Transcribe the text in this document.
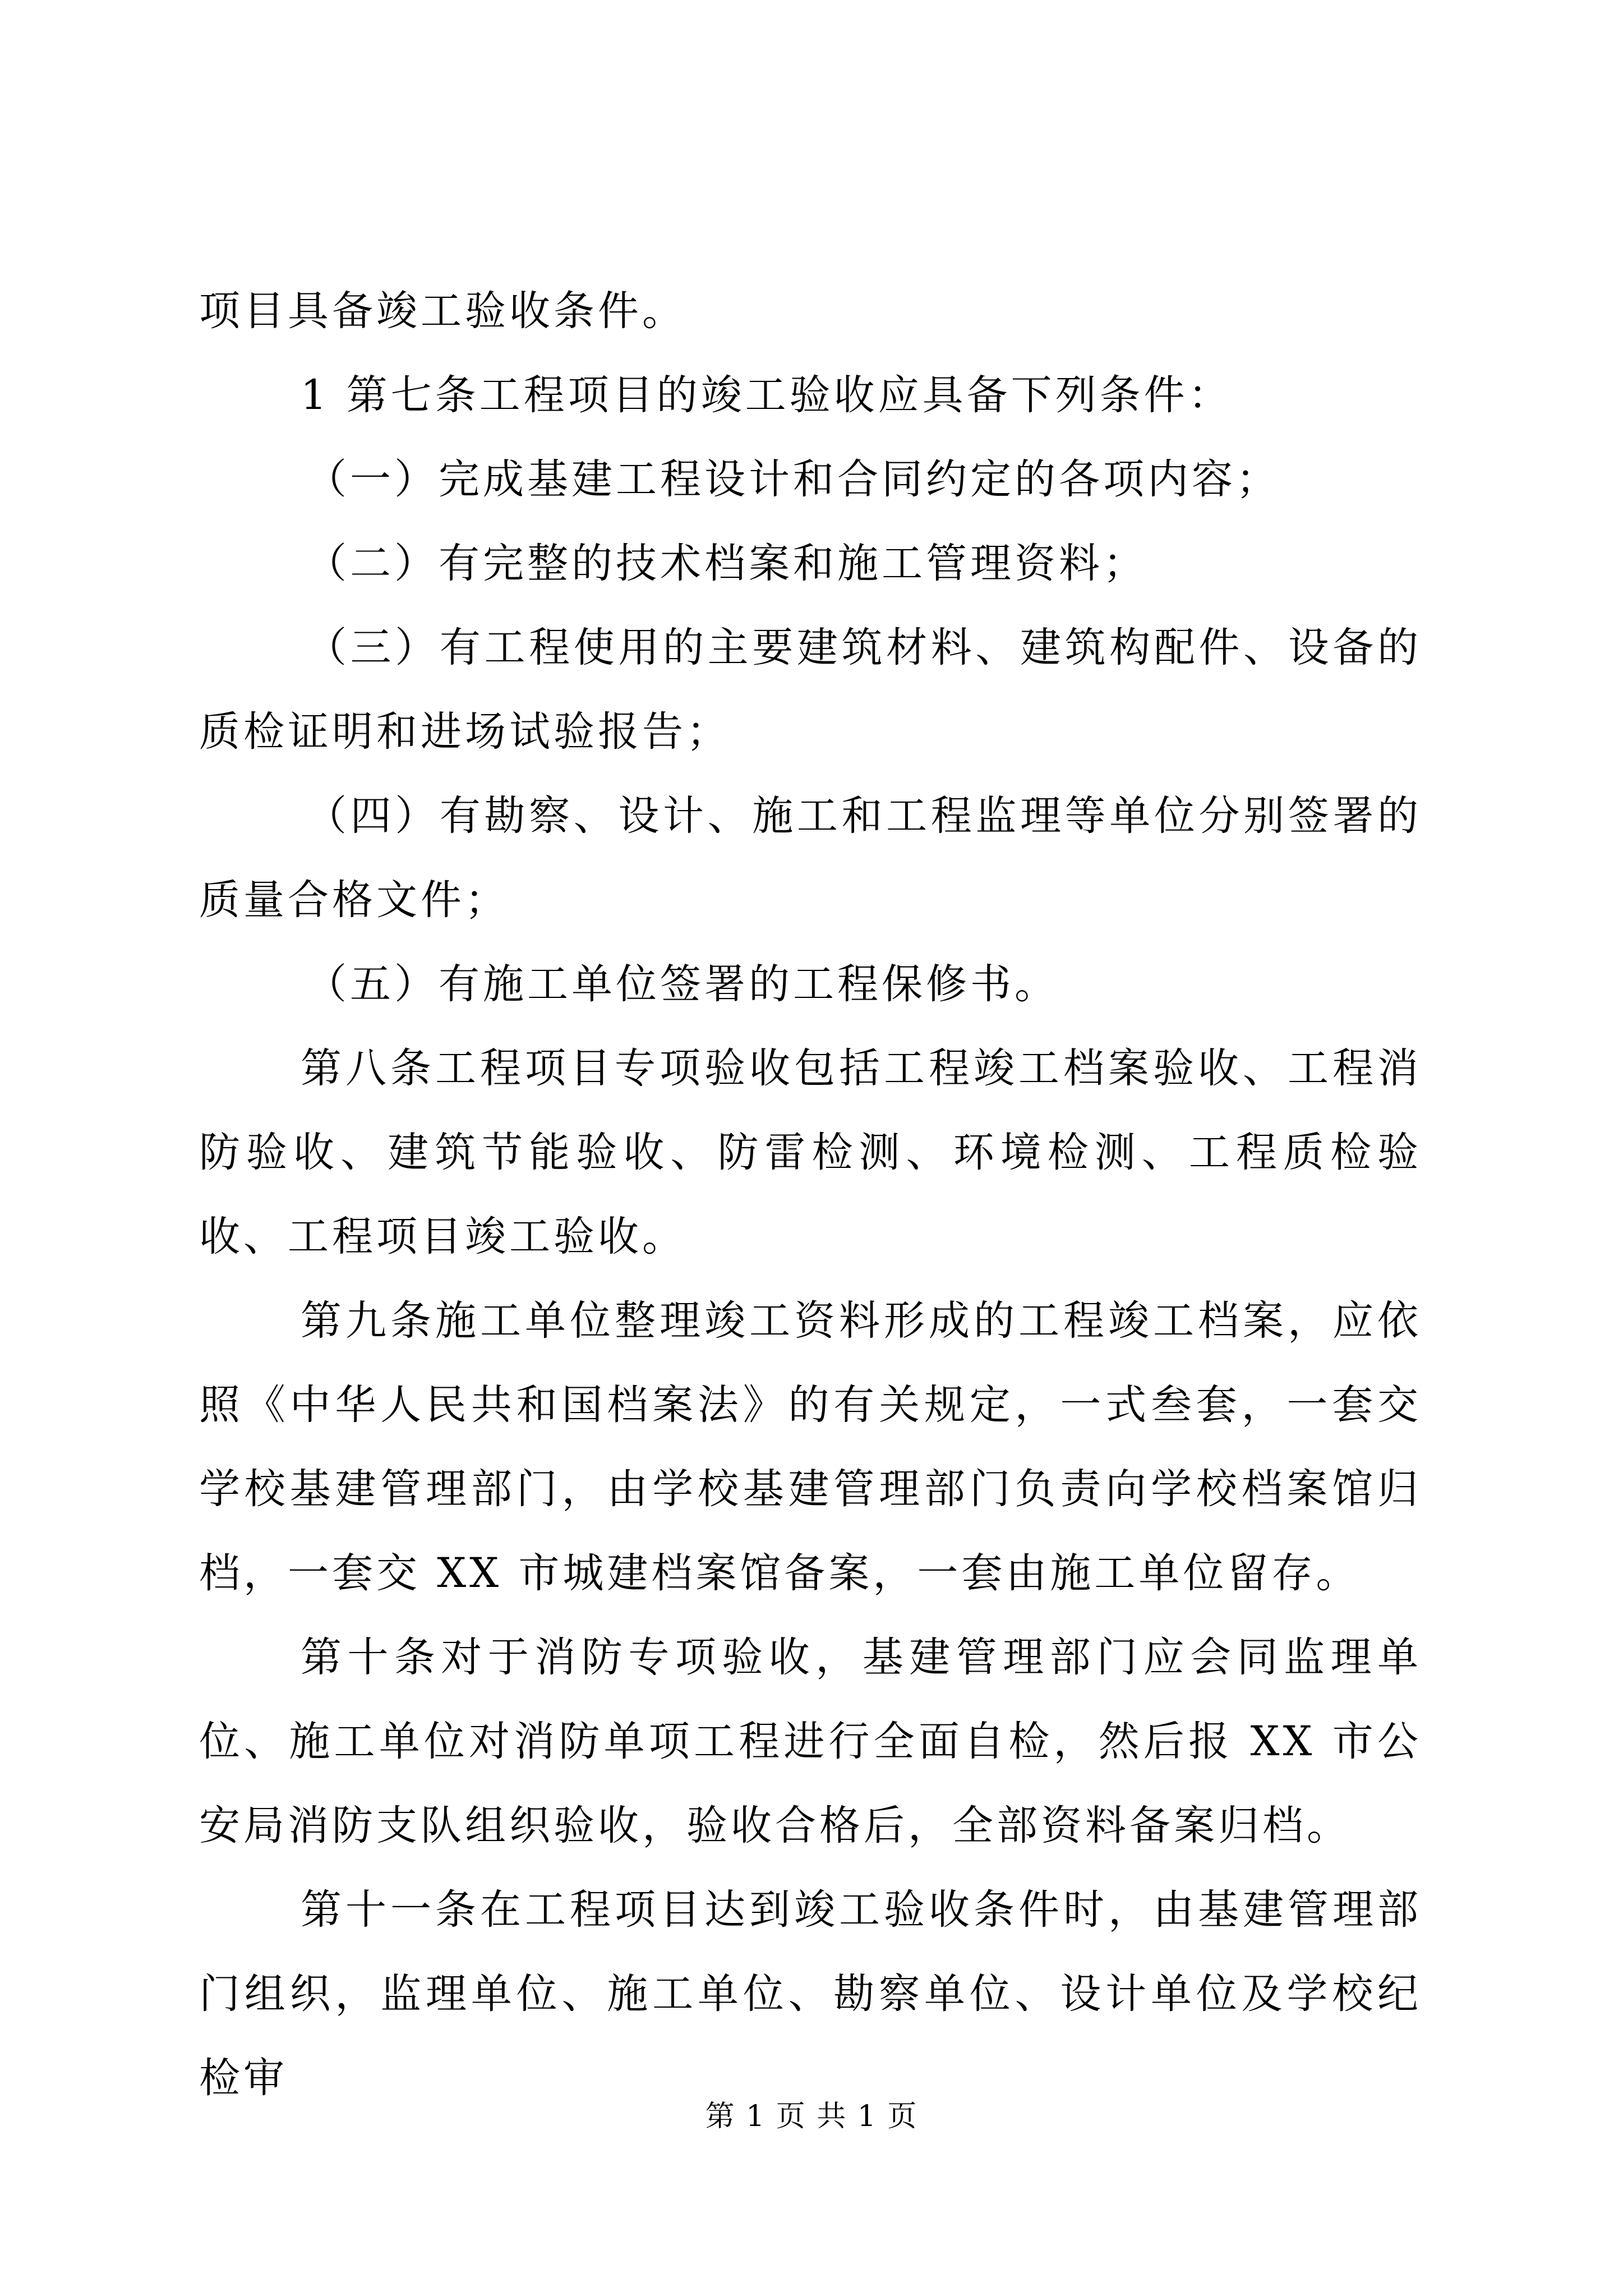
项目具备竣工验收条件。

1 第七条工程项目的竣工验收应具备下列条件：

（一）完成基建工程设计和合同约定的各项内容；

（二）有完整的技术档案和施工管理资料；

（三）有工程使用的主要建筑材料、建筑构配件、设备的质检证明和进场试验报告；

（四）有勘察、设计、施工和工程监理等单位分别签署的质量合格文件；

（五）有施工单位签署的工程保修书。

第八条工程项目专项验收包括工程竣工档案验收、工程消防验收、建筑节能验收、防雷检测、环境检测、工程质检验收、工程项目竣工验收。

第九条施工单位整理竣工资料形成的工程竣工档案，应依照《中华人民共和国档案法》的有关规定，一式叁套，一套交学校基建管理部门，由学校基建管理部门负责向学校档案馆归档，一套交 XX 市城建档案馆备案，一套由施工单位留存。

第十条对于消防专项验收，基建管理部门应会同监理单位、施工单位对消防单项工程进行全面自检，然后报 XX 市公安局消防支队组织验收，验收合格后，全部资料备案归档。

第十一条在工程项目达到竣工验收条件时，由基建管理部门组织，监理单位、施工单位、勘察单位、设计单位及学校纪检审

第 1 页 共 1 页
